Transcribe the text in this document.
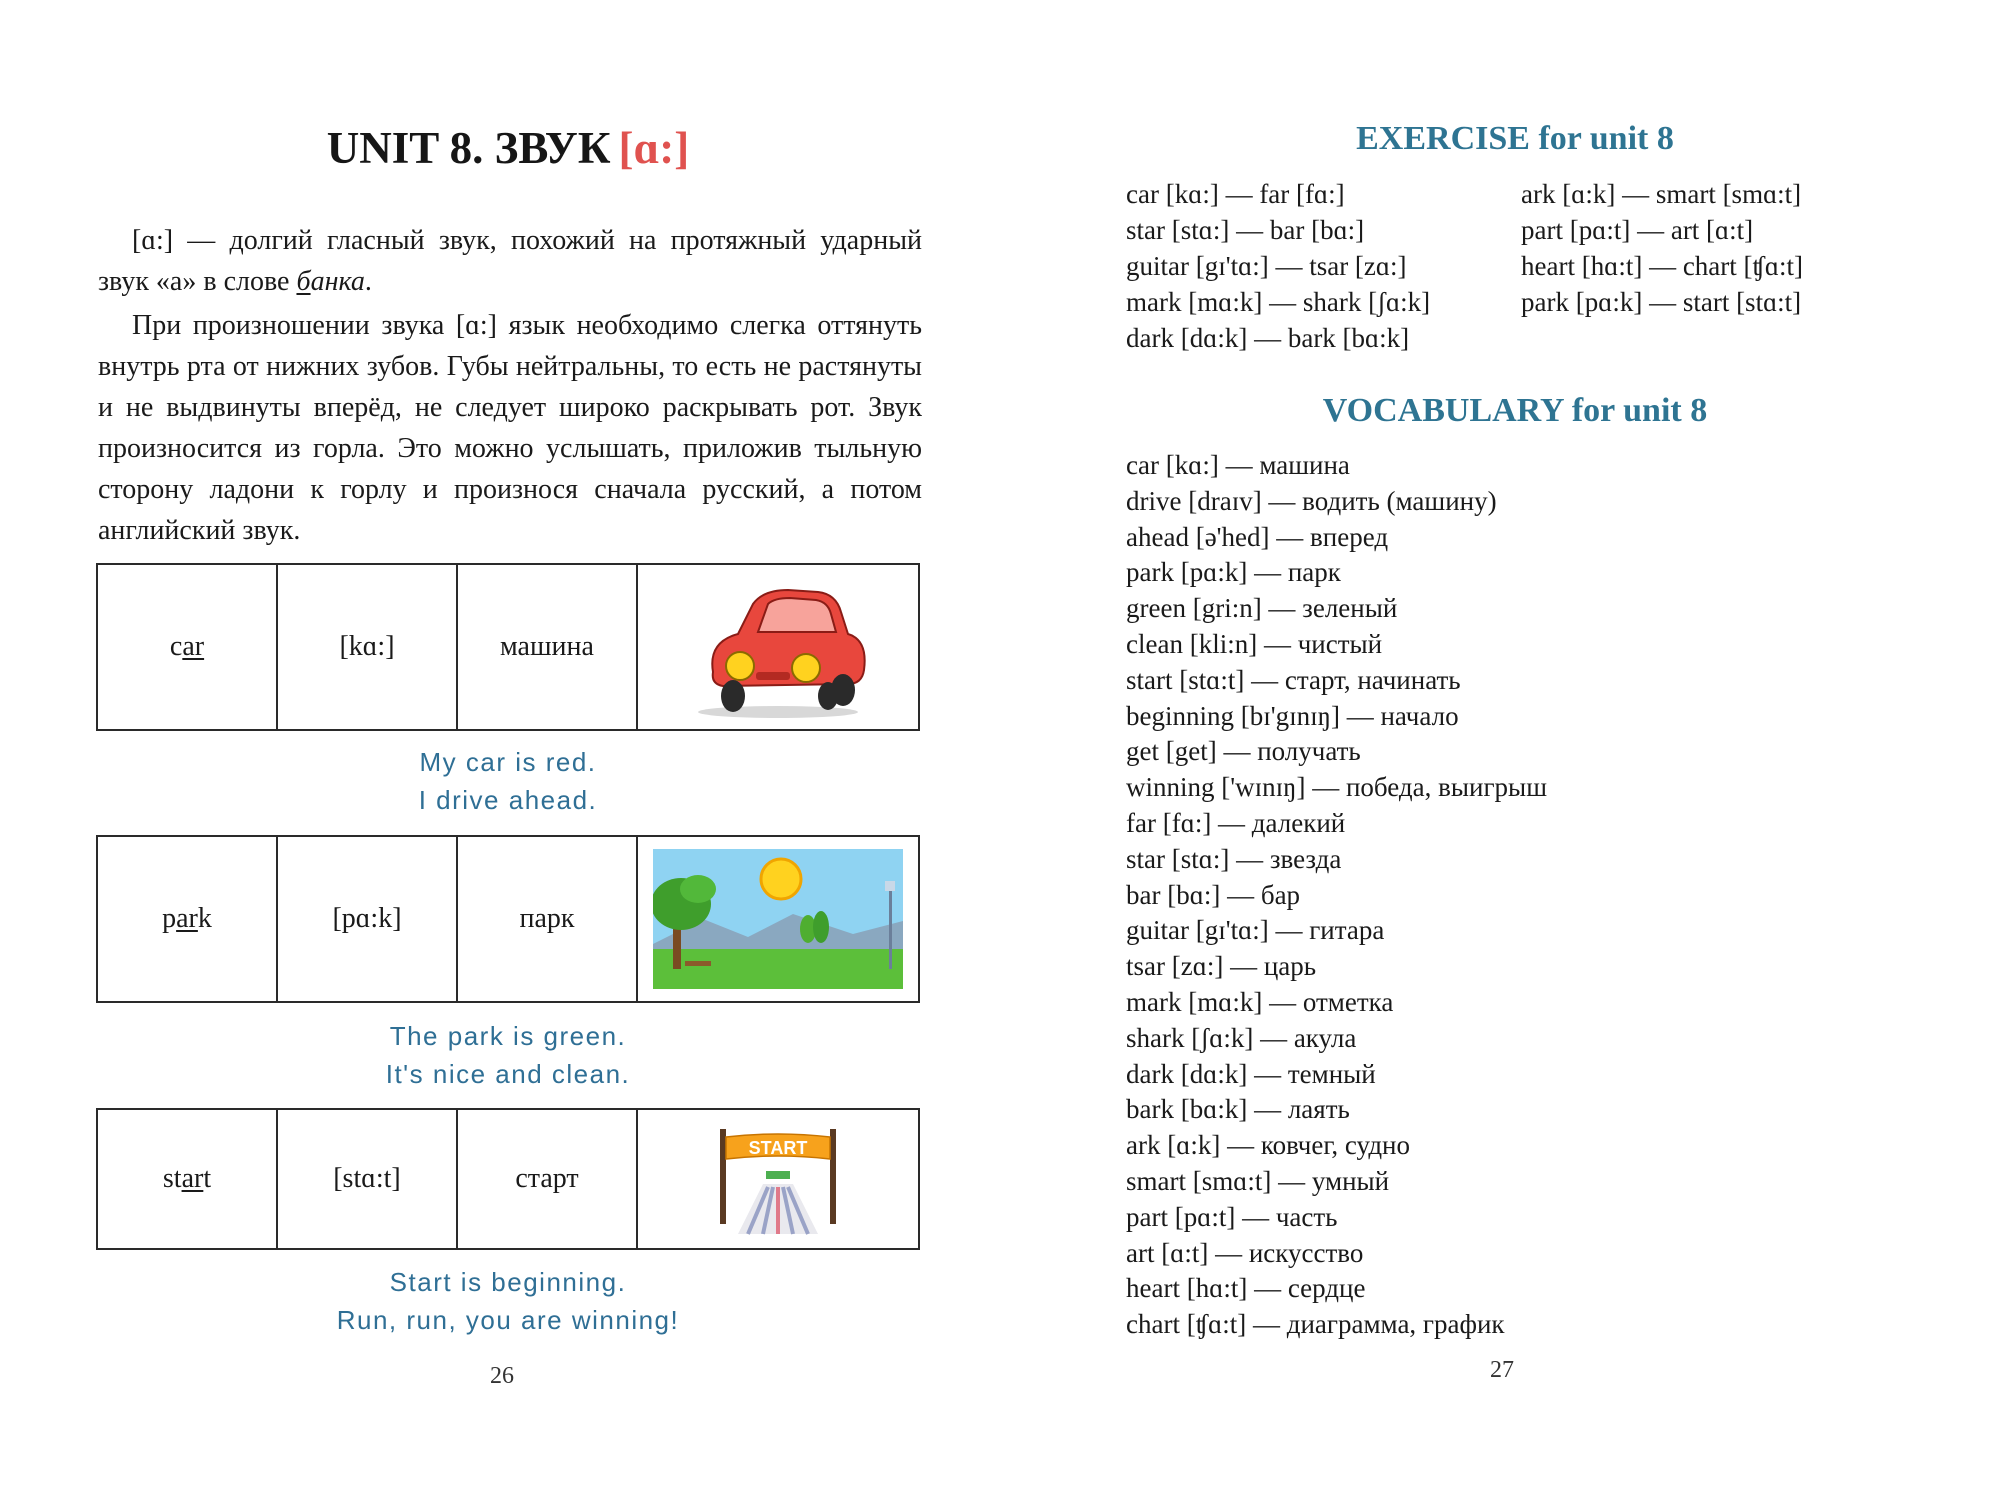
UNIT 8. ЗВУК [ɑ:]

[ɑ:] — долгий гласный звук, похожий на протяжный ударный звук «а» в слове банка.

При произношении звука [ɑ:] язык необходимо слегка оттянуть внутрь рта от нижних зубов. Губы нейтральны, то есть не растянуты и не выдвинуты вперёд, не следует широко раскрывать рот. Звук произносится из горла. Это можно услышать, приложив тыльную сторону ладони к горлу и произнося сначала русский, а потом английский звук.

car	[kɑ:]	машина	
My car is red.
I drive ahead.
park	[pɑ:k]	парк	
The park is green.
It's nice and clean.
start	[stɑ:t]	старт	
START
Start is beginning.
Run, run, you are winning!
26
EXERCISE for unit 8
car [kɑ:] — far [fɑ:]
star [stɑ:] — bar [bɑ:]
guitar [gɪ'tɑ:] — tsar [zɑ:]
mark [mɑ:k] — shark [ʃɑ:k]
dark [dɑ:k] — bark [bɑ:k]
ark [ɑ:k] — smart [smɑ:t]
part [pɑ:t] — art [ɑ:t]
heart [hɑ:t] — chart [ʧɑ:t]
park [pɑ:k] — start [stɑ:t]
VOCABULARY for unit 8
car [kɑ:] — машина
drive [draɪv] — водить (машину)
ahead [ə'hed] — вперед
park [pɑ:k] — парк
green [gri:n] — зеленый
clean [kli:n] — чистый
start [stɑ:t] — старт, начинать
beginning [bɪ'gɪnɪŋ] — начало
get [get] — получать
winning ['wɪnɪŋ] — победа, выигрыш
far [fɑ:] — далекий
star [stɑ:] — звезда
bar [bɑ:] — бар
guitar [gɪ'tɑ:] — гитара
tsar [zɑ:] — царь
mark [mɑ:k] — отметка
shark [ʃɑ:k] — акула
dark [dɑ:k] — темный
bark [bɑ:k] — лаять
ark [ɑ:k] — ковчег, судно
smart [smɑ:t] — умный
part [pɑ:t] — часть
art [ɑ:t] — искусство
heart [hɑ:t] — сердце
chart [ʧɑ:t] — диаграмма, график
27
